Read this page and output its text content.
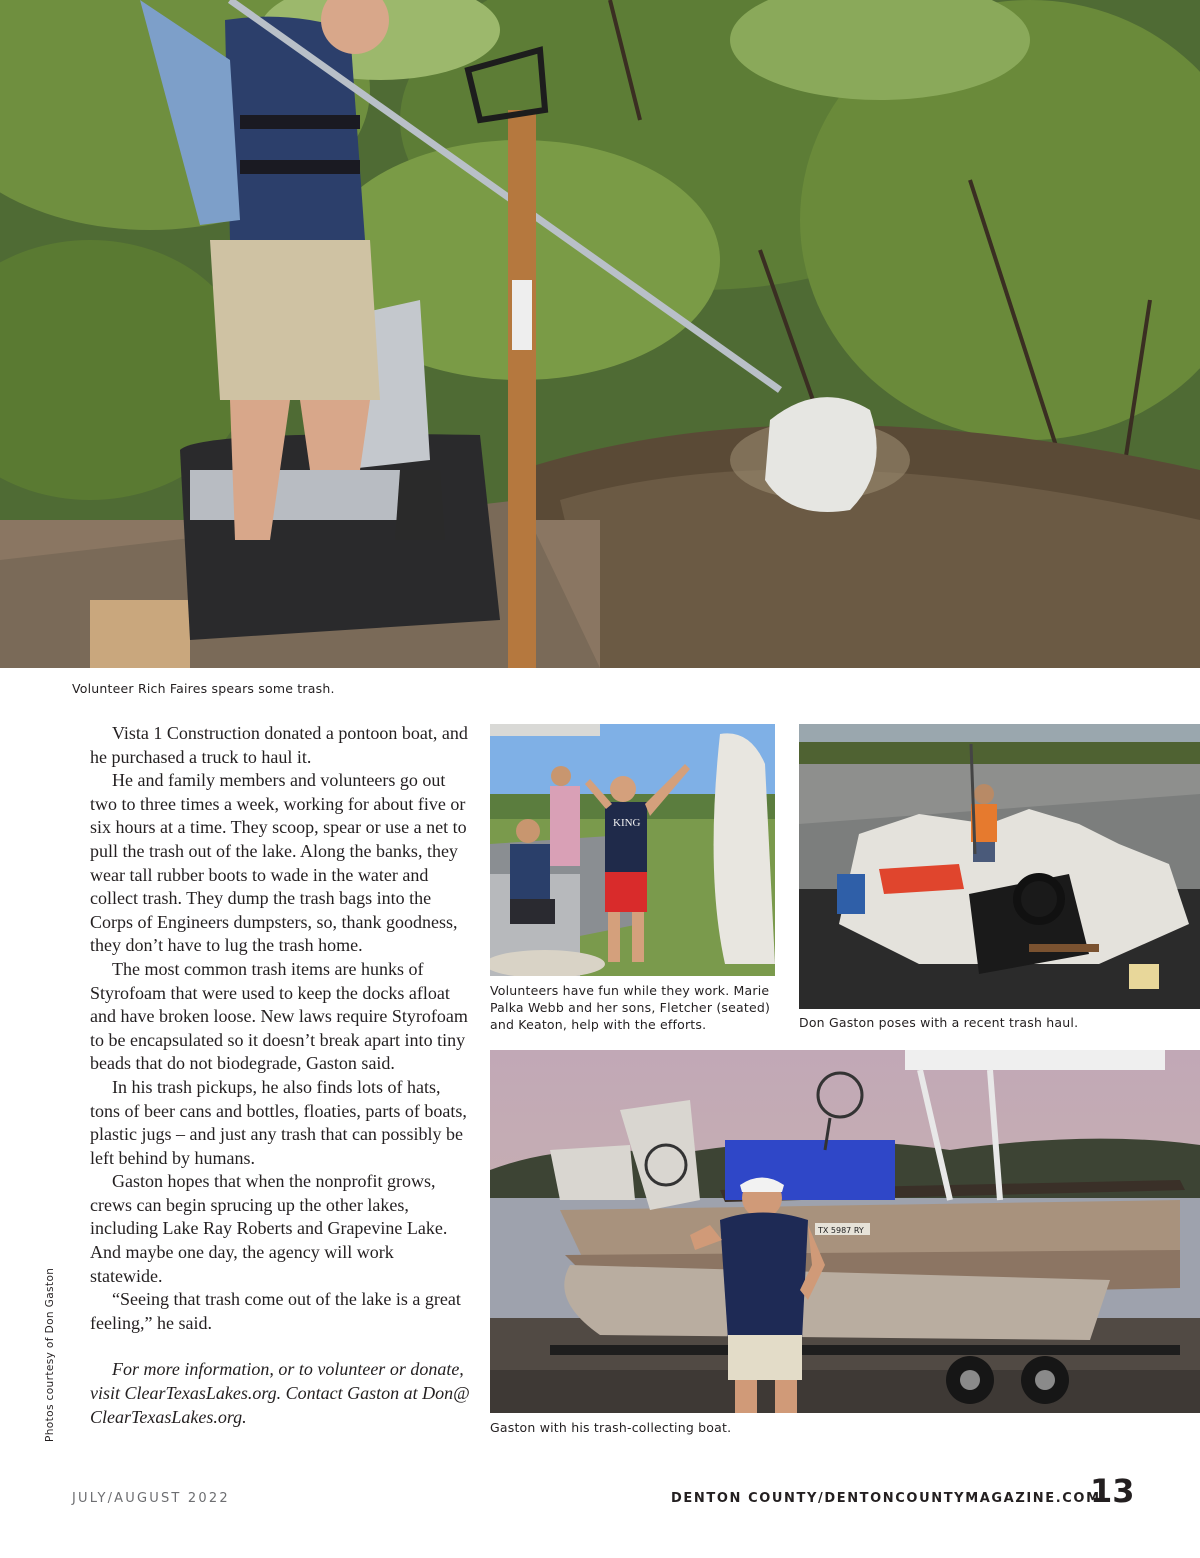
Volunteer Rich Faires spears some trash.

Vista 1 Construction donated a pontoon boat, and he purchased a truck to haul it.

He and family members and volunteers go out two to three times a week, working for about five or six hours at a time. They scoop, spear or use a net to pull the trash out of the lake. Along the banks, they wear tall rubber boots to wade in the water and collect trash. They dump the trash bags into the Corps of Engineers dumpsters, so, thank goodness, they don’t have to lug the trash home.

The most common trash items are hunks of Styrofoam that were used to keep the docks afloat and have broken loose. New laws require Styrofoam to be encapsulated so it doesn’t break apart into tiny beads that do not biodegrade, Gaston said.

In his trash pickups, he also finds lots of hats, tons of beer cans and bottles, floaties, parts of boats, plastic jugs – and just any trash that can possibly be left behind by humans.

Gaston hopes that when the nonprofit grows, crews can begin sprucing up the other lakes, including Lake Ray Roberts and Grapevine Lake. And maybe one day, the agency will work statewide.

“Seeing that trash come out of the lake is a great feeling,” he said.

For more information, or to volunteer or donate, visit ClearTexasLakes.org. Contact Gaston at Don@ ClearTexasLakes.org.

Photos courtesy of Don Gaston
KING
Volunteers have fun while they work. Marie Palka Webb and her sons, Fletcher (seated) and Keaton, help with the efforts.	Don Gaston poses with a recent trash haul.
TX 5987 RY
Gaston with his trash-collecting boat.
JULY/AUGUST 2022	DENTON COUNTY/DENTONCOUNTYMAGAZINE.COM
13
